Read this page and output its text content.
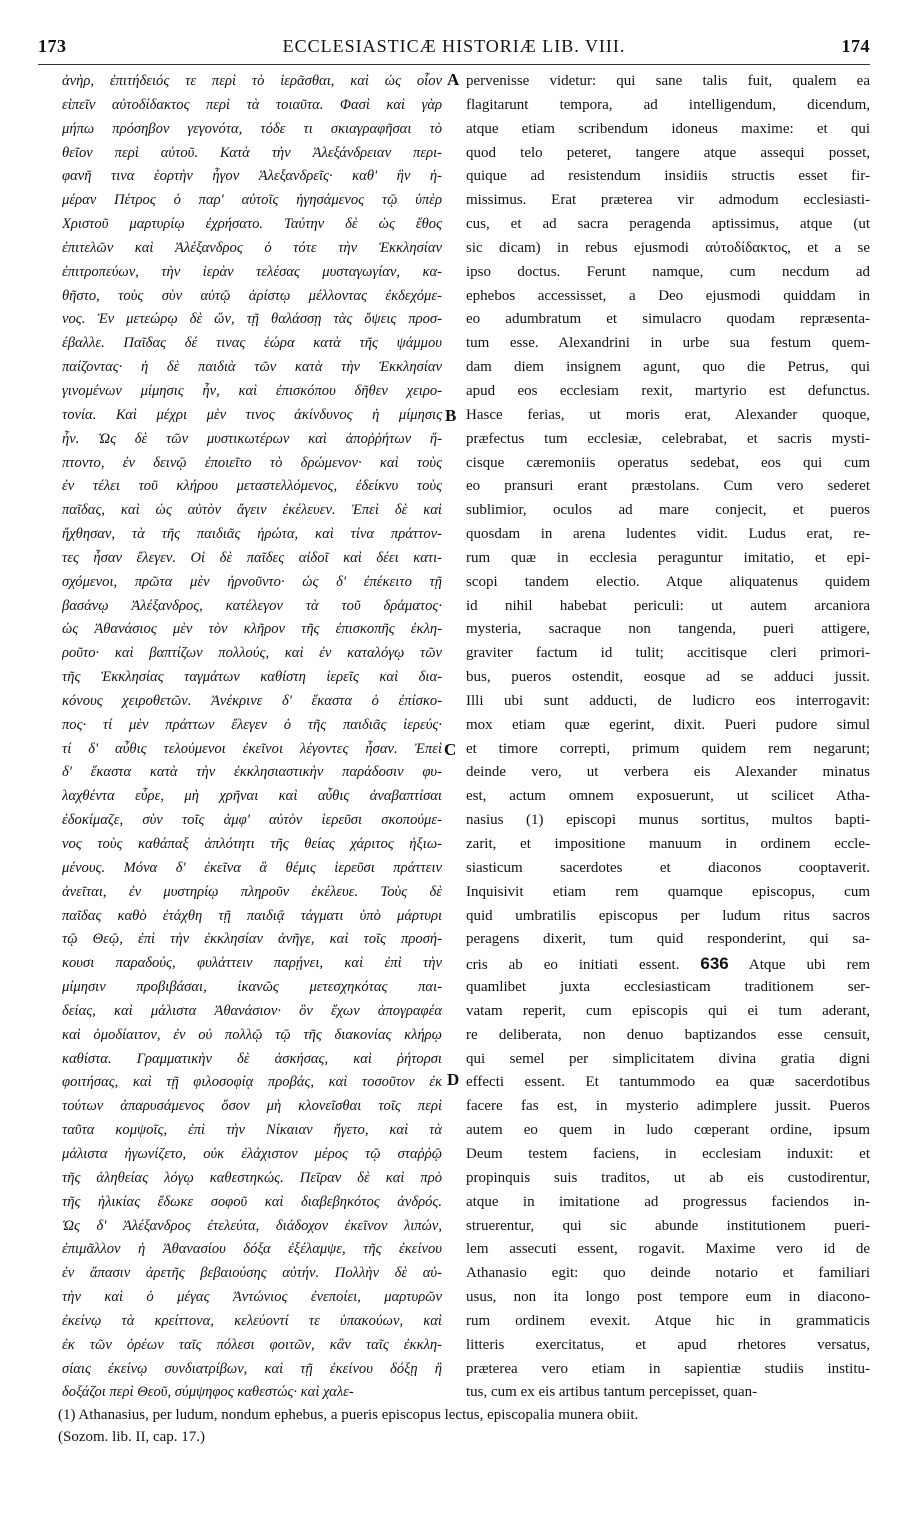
173	ECCLESIASTICÆ HISTORIÆ LIB. VIII.	174
ἀνὴρ, ἐπιτήδειός τε περὶ τὸ ἱερᾶσθαι, καὶ ὡς οἷον
εἰπεῖν αὐτοδίδακτος περὶ τὰ τοιαῦτα. Φασὶ καὶ γὰρ
μήπω πρόσηβον γεγονότα, τόδε τι σκιαγραφῆσαι τὸ
θεῖον περὶ αὐτοῦ. Κατὰ τὴν Ἀλεξάνδρειαν περι-
φανῆ τινα ἑορτὴν ἦγον Ἀλεξανδρεῖς· καθ' ἣν ἡ-
μέραν Πέτρος ὁ παρ' αὐτοῖς ἡγησάμενος τῷ ὑπὲρ
Χριστοῦ μαρτυρίῳ ἐχρήσατο. Ταύτην δὲ ὡς ἔθος
ἐπιτελῶν καὶ Ἀλέξανδρος ὁ τότε τὴν Ἐκκλησίαν
ἐπιτροπεύων, τὴν ἱερὰν τελέσας μυσταγωγίαν, κα-
θῆστο, τοὺς σὺν αὐτῷ ἀρίστῳ μέλλοντας ἐκδεχόμε-
νος. Ἐν μετεώρῳ δὲ ὤν, τῇ θαλάσσῃ τὰς ὄψεις προσ-
έβαλλε. Παῖδας δέ τινας ἑώρα κατὰ τῆς ψάμμου
παίζοντας· ἡ δὲ παιδιὰ τῶν κατὰ τὴν Ἐκκλησίαν
γινομένων μίμησις ἦν, καὶ ἐπισκόπου δῆθεν χειρο-
τονία. Καὶ μέχρι μὲν τινος ἀκίνδυνος ἡ μίμησις
ἦν. Ὡς δὲ τῶν μυστικωτέρων καὶ ἀποῤῥήτων ἥ-
πτοντο, ἐν δεινῷ ἐποιεῖτο τὸ δρώμενον· καὶ τοὺς
ἐν τέλει τοῦ κλήρου μεταστελλόμενος, ἐδείκνυ τοὺς
παῖδας, καὶ ὡς αὐτὸν ἄγειν ἐκέλευεν. Ἐπεὶ δὲ καὶ
ἤχθησαν, τὰ τῆς παιδιᾶς ἠρώτα, καὶ τίνα πράττον-
τες ἦσαν ἔλεγεν. Οἱ δὲ παῖδες αἰδοῖ καὶ δέει κατι-
σχόμενοι, πρῶτα μὲν ἠρνοῦντο· ὡς δ' ἐπέκειτο τῇ
βασάνῳ Ἀλέξανδρος, κατέλεγον τὰ τοῦ δράματος·
ὡς Ἀθανάσιος μὲν τὸν κλῆρον τῆς ἐπισκοπῆς ἐκλη-
ροῦτο· καὶ βαπτίζων πολλούς, καὶ ἐν καταλόγῳ τῶν
τῆς Ἐκκλησίας ταγμάτων καθίστη ἱερεῖς καὶ δια-
κόνους χειροθετῶν. Ἀνέκρινε δ' ἕκαστα ὁ ἐπίσκο-
πος· τί μὲν πράττων ἔλεγεν ὁ τῆς παιδιᾶς ἱερεύς·
τί δ' αὖθις τελούμενοι ἐκεῖνοι λέγοντες ἦσαν. Ἐπεὶ
δ' ἕκαστα κατὰ τὴν ἐκκλησιαστικὴν παράδοσιν φυ-
λαχθέντα εὗρε, μὴ χρῆναι καὶ αὖθις ἀναβαπτίσαι
ἐδοκίμαζε, σὺν τοῖς ἀμφ' αὐτὸν ἱερεῦσι σκοπούμε-
νος τοὺς καθάπαξ ἁπλότητι τῆς θείας χάριτος ἠξιω-
μένους. Μόνα δ' ἐκεῖνα ἃ θέμις ἱερεῦσι πράττειν
ἀνεῖται, ἐν μυστηρίῳ πληροῦν ἐκέλευε. Τοὺς δὲ
παῖδας καθὸ ἐτάχθη τῇ παιδιᾷ τάγματι ὑπὸ μάρτυρι
τῷ Θεῷ, ἐπὶ τὴν ἐκκλησίαν ἀνῆγε, καὶ τοῖς προσή-
κουσι παραδούς, φυλάττειν παρῄνει, καὶ ἐπὶ τὴν
μίμησιν προβιβάσαι, ἱκανῶς μετεσχηκότας παι-
δείας, καὶ μάλιστα Ἀθανάσιον· ὃν ἔχων ἀπογραφέα
καὶ ὁμοδίαιτον, ἐν οὐ πολλῷ τῷ τῆς διακονίας κλήρῳ
καθίστα. Γραμματικὴν δὲ ἀσκήσας, καὶ ῥήτορσι
φοιτήσας, καὶ τῇ φιλοσοφίᾳ προβάς, καὶ τοσοῦτον ἐκ
τούτων ἀπαρυσάμενος ὅσον μὴ κλονεῖσθαι τοῖς περὶ
ταῦτα κομψοῖς, ἐπὶ τὴν Νίκαιαν ἤγετο, καὶ τὰ
μάλιστα ἠγωνίζετο, οὐκ ἐλάχιστον μέρος τῷ σταῤῥῷ
τῆς ἀληθείας λόγῳ καθεστηκώς. Πεῖραν δὲ καὶ πρὸ
τῆς ἡλικίας ἔδωκε σοφοῦ καὶ διαβεβηκότος ἀνδρός.
Ὡς δ' Ἀλέξανδρος ἐτελεύτα, διάδοχον ἐκεῖνον λιπών,
ἐπιμᾶλλον ἡ Ἀθανασίου δόξα ἐξέλαμψε, τῆς ἐκείνου
ἐν ἅπασιν ἀρετῆς βεβαιούσης αὐτήν. Πολλὴν δὲ αὐ-
τὴν καὶ ὁ μέγας Ἀντώνιος ἐνεποίει, μαρτυρῶν
ἐκείνῳ τὰ κρείττονα, κελεύοντί τε ὑπακούων, καὶ
ἐκ τῶν ὀρέων ταῖς πόλεσι φοιτῶν, κἂν ταῖς ἐκκλη-
σίαις ἐκείνῳ συνδιατρίβων, καὶ τῇ ἐκείνου δόξῃ ἢ
δοξάζοι περὶ Θεοῦ, σύμψηφος καθεστώς· καὶ χαλε-
pervenisse videtur: qui sane talis fuit, qualem ea
flagitarunt tempora, ad intelligendum, dicendum,
atque etiam scribendum idoneus maxime: et qui
quod telo peteret, tangere atque assequi posset,
quique ad resistendum insidiis structis esset fir-
missimus. Erat præterea vir admodum ecclesiasti-
cus, et ad sacra peragenda aptissimus, atque (ut
sic dicam) in rebus ejusmodi αὐτοδίδακτος, et a se
ipso doctus. Ferunt namque, cum necdum ad
ephebos accessisset, a Deo ejusmodi quiddam in
eo adumbratum et simulacro quodam repræsenta-
tum esse. Alexandrini in urbe sua festum quem-
dam diem insignem agunt, quo die Petrus, qui
apud eos ecclesiam rexit, martyrio est defunctus.
Hasce ferias, ut moris erat, Alexander quoque,
præfectus tum ecclesiæ, celebrabat, et sacris mysti-
cisque cæremoniis operatus sedebat, eos qui cum
eo pransuri erant præstolans. Cum vero sederet
sublimior, oculos ad mare conjecit, et pueros
quosdam in arena ludentes vidit. Ludus erat, re-
rum quæ in ecclesia peraguntur imitatio, et epi-
scopi tandem electio. Atque aliquatenus quidem
id nihil habebat periculi: ut autem arcaniora
mysteria, sacraque non tangenda, pueri attigere,
graviter factum id tulit; accitisque cleri primori-
bus, pueros ostendit, eosque ad se adduci jussit.
Illi ubi sunt adducti, de ludicro eos interrogavit:
mox etiam quæ egerint, dixit. Pueri pudore simul
et timore correpti, primum quidem rem negarunt;
deinde vero, ut verbera eis Alexander minatus
est, actum omnem exposuerunt, ut scilicet Atha-
nasius (1) episcopi munus sortitus, multos bapti-
zarit, et impositione manuum in ordinem eccle-
siasticum sacerdotes et diaconos cooptaverit.
Inquisivit etiam rem quamque episcopus, cum
quid umbratilis episcopus per ludum ritus sacros
peragens dixerit, tum quid responderint, qui sa-
cris ab eo initiati essent. 636 Atque ubi rem
quamlibet juxta ecclesiasticam traditionem ser-
vatam reperit, cum episcopis qui ei tum aderant,
re deliberata, non denuo baptizandos esse censuit,
qui semel per simplicitatem divina gratia digni
effecti essent. Et tantummodo ea quæ sacerdotibus
facere fas est, in mysterio adimplere jussit. Pueros
autem eo quem in ludo cœperant ordine, ipsum
Deum testem faciens, in ecclesiam induxit: et
propinquis suis traditos, ut ab eis custodirentur,
atque in imitatione ad progressus faciendos in-
struerentur, qui sic abunde institutionem pueri-
lem assecuti essent, rogavit. Maxime vero id de
Athanasio egit: quo deinde notario et familiari
usus, non ita longo post tempore eum in diacono-
rum ordinem evexit. Atque hic in grammaticis
litteris exercitatus, et apud rhetores versatus,
præterea vero etiam in sapientiæ studiis institu-
tus, cum ex eis artibus tantum percepisset, quan-
A
B
C
D
(1) Athanasius, per ludum, nondum ephebus, a pueris episcopus lectus, episcopalia munera obiit.
(Sozom. lib. II, cap. 17.)
